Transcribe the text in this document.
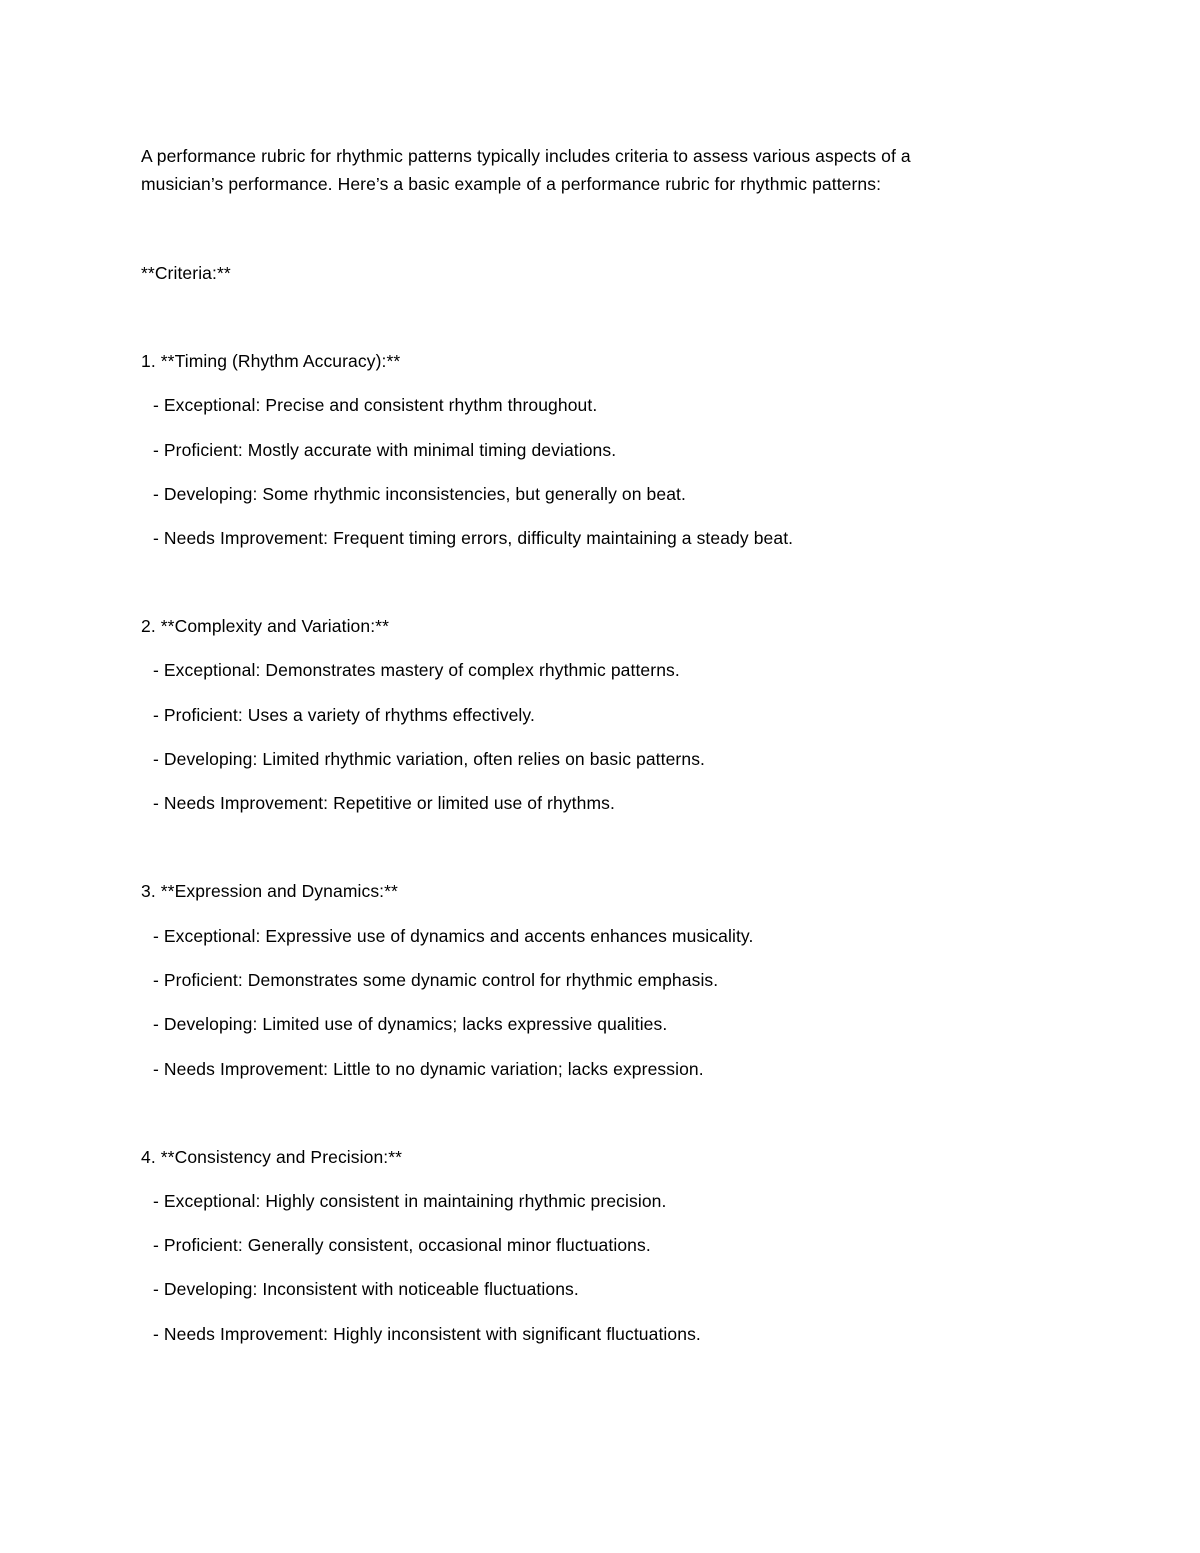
A performance rubric for rhythmic patterns typically includes criteria to assess various aspects of a
musician’s performance. Here’s a basic example of a performance rubric for rhythmic patterns:
**Criteria:**
1. **Timing (Rhythm Accuracy):**
- Exceptional: Precise and consistent rhythm throughout.
- Proficient: Mostly accurate with minimal timing deviations.
- Developing: Some rhythmic inconsistencies, but generally on beat.
- Needs Improvement: Frequent timing errors, difficulty maintaining a steady beat.
2. **Complexity and Variation:**
- Exceptional: Demonstrates mastery of complex rhythmic patterns.
- Proficient: Uses a variety of rhythms effectively.
- Developing: Limited rhythmic variation, often relies on basic patterns.
- Needs Improvement: Repetitive or limited use of rhythms.
3. **Expression and Dynamics:**
- Exceptional: Expressive use of dynamics and accents enhances musicality.
- Proficient: Demonstrates some dynamic control for rhythmic emphasis.
- Developing: Limited use of dynamics; lacks expressive qualities.
- Needs Improvement: Little to no dynamic variation; lacks expression.
4. **Consistency and Precision:**
- Exceptional: Highly consistent in maintaining rhythmic precision.
- Proficient: Generally consistent, occasional minor fluctuations.
- Developing: Inconsistent with noticeable fluctuations.
- Needs Improvement: Highly inconsistent with significant fluctuations.
